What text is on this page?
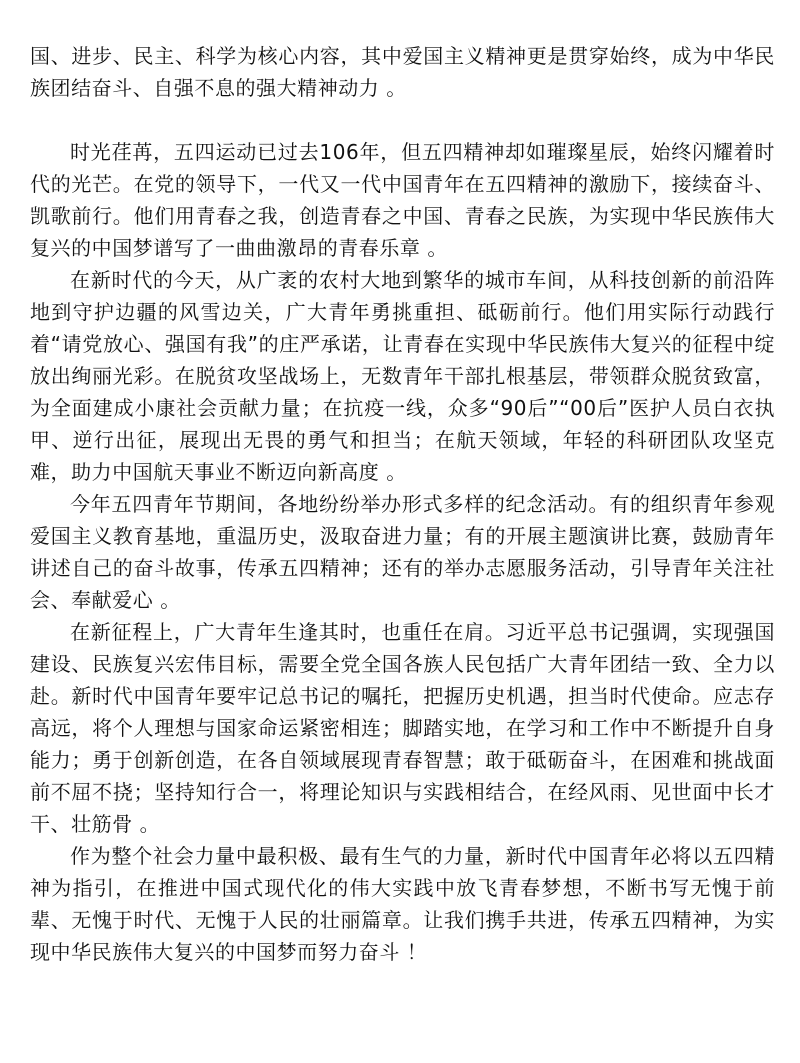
国、进步、民主、科学为核心内容，其中爱国主义精神更是贯穿始终，成为中华民族团结奋斗、自强不息的强大精神动力 。

时光荏苒，五四运动已过去106年，但五四精神却如璀璨星辰，始终闪耀着时代的光芒。在党的领导下，一代又一代中国青年在五四精神的激励下，接续奋斗、凯歌前行。他们用青春之我，创造青春之中国、青春之民族，为实现中华民族伟大复兴的中国梦谱写了一曲曲激昂的青春乐章 。

在新时代的今天，从广袤的农村大地到繁华的城市车间，从科技创新的前沿阵地到守护边疆的风雪边关，广大青年勇挑重担、砥砺前行。他们用实际行动践行着“请党放心、强国有我”的庄严承诺，让青春在实现中华民族伟大复兴的征程中绽放出绚丽光彩。在脱贫攻坚战场上，无数青年干部扎根基层，带领群众脱贫致富，为全面建成小康社会贡献力量；在抗疫一线，众多“90后”“00后”医护人员白衣执甲、逆行出征，展现出无畏的勇气和担当；在航天领域，年轻的科研团队攻坚克难，助力中国航天事业不断迈向新高度 。

今年五四青年节期间，各地纷纷举办形式多样的纪念活动。有的组织青年参观爱国主义教育基地，重温历史，汲取奋进力量；有的开展主题演讲比赛，鼓励青年讲述自己的奋斗故事，传承五四精神；还有的举办志愿服务活动，引导青年关注社会、奉献爱心 。

在新征程上，广大青年生逢其时，也重任在肩。习近平总书记强调，实现强国建设、民族复兴宏伟目标，需要全党全国各族人民包括广大青年团结一致、全力以赴。新时代中国青年要牢记总书记的嘱托，把握历史机遇，担当时代使命。应志存高远，将个人理想与国家命运紧密相连；脚踏实地，在学习和工作中不断提升自身能力；勇于创新创造，在各自领域展现青春智慧；敢于砥砺奋斗，在困难和挑战面前不屈不挠；坚持知行合一，将理论知识与实践相结合，在经风雨、见世面中长才干、壮筋骨 。

作为整个社会力量中最积极、最有生气的力量，新时代中国青年必将以五四精神为指引，在推进中国式现代化的伟大实践中放飞青春梦想，不断书写无愧于前辈、无愧于时代、无愧于人民的壮丽篇章。让我们携手共进，传承五四精神，为实现中华民族伟大复兴的中国梦而努力奋斗 ！
